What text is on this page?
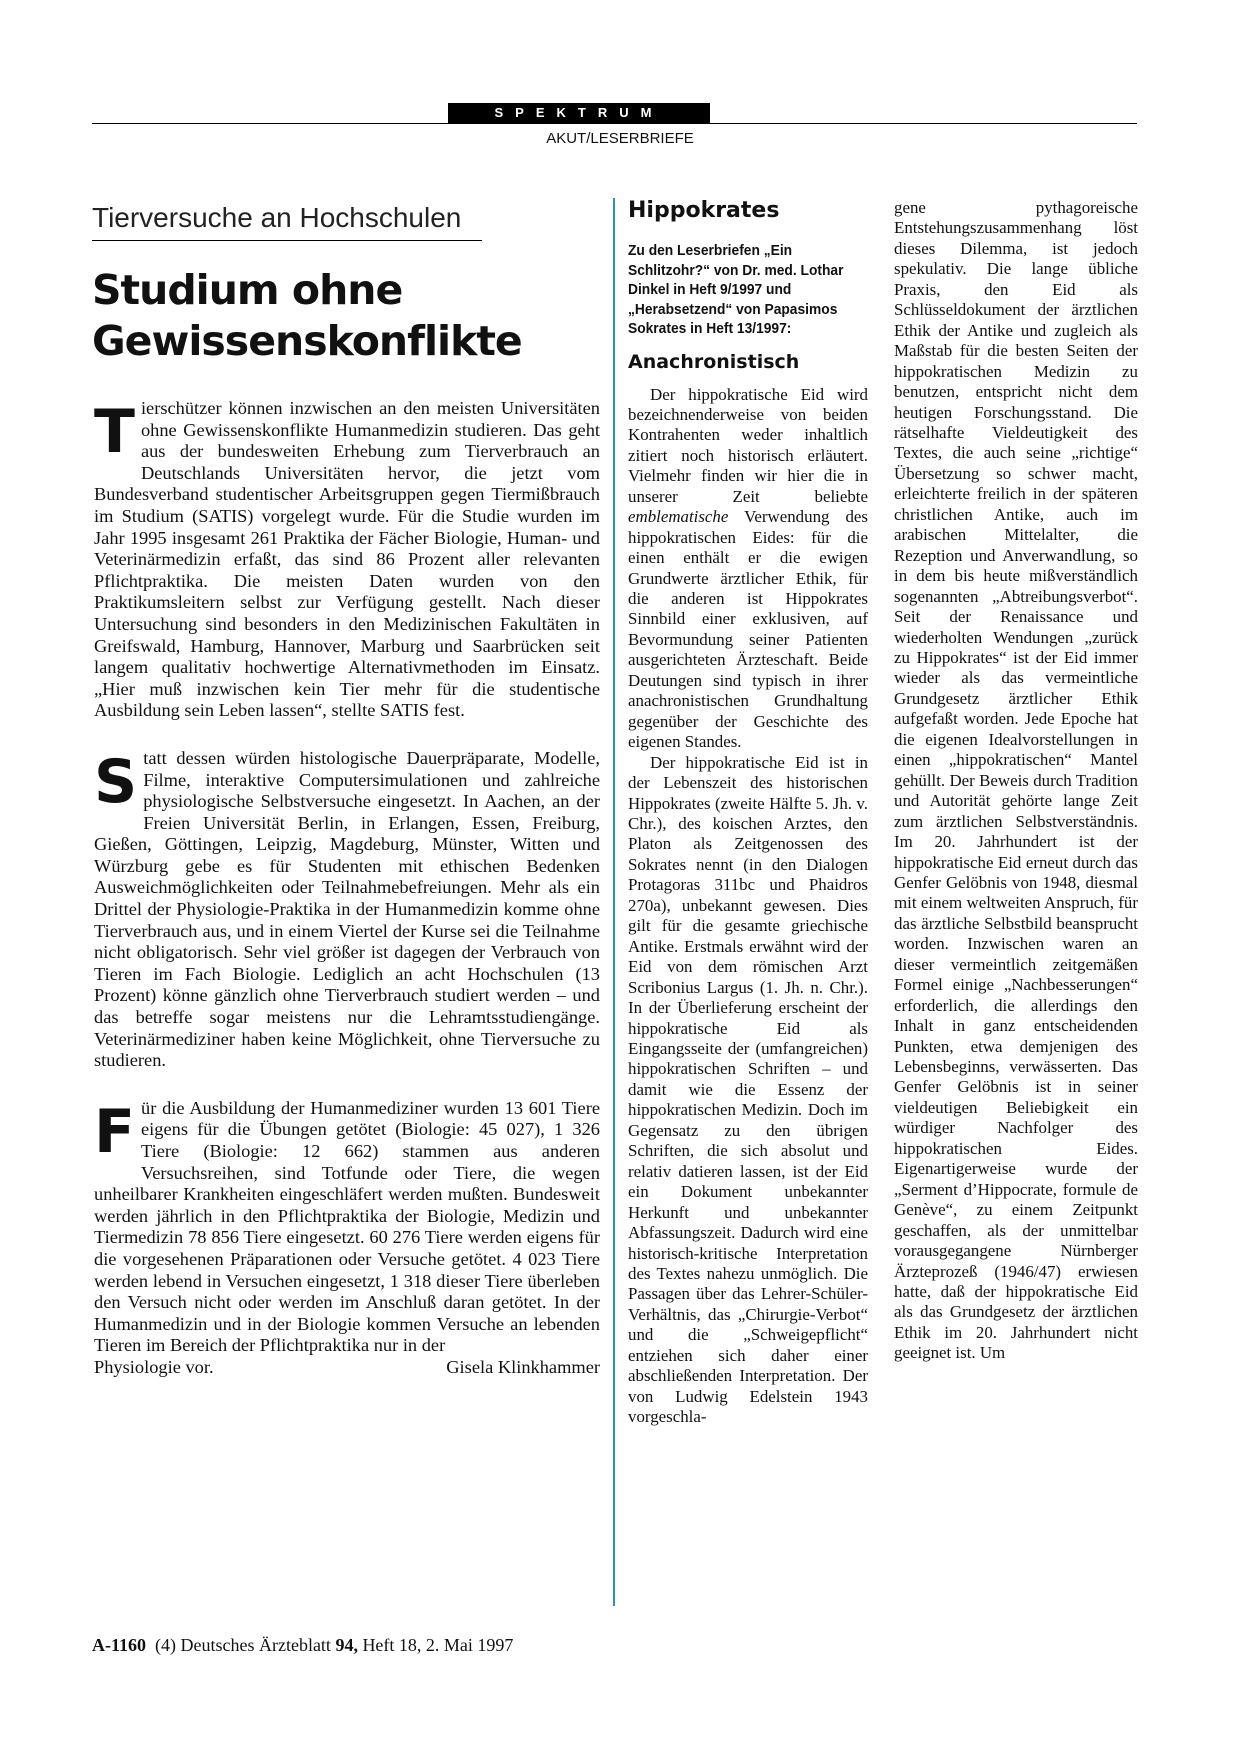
SPEKTRUM
AKUT/LESERBRIEFE
Tierversuche an Hochschulen
Studium ohne
Gewissenskonflikte

Tierschützer können inzwischen an den meisten Universitäten ohne Gewissenskonflikte Humanmedizin studieren. Das geht aus der bundesweiten Erhebung zum Tierverbrauch an Deutschlands Universitäten hervor, die jetzt vom Bundesverband studentischer Arbeitsgruppen gegen Tiermißbrauch im Studium (SATIS) vorgelegt wurde. Für die Studie wurden im Jahr 1995 insgesamt 261 Praktika der Fächer Biologie, Human- und Veterinärmedizin erfaßt, das sind 86 Prozent aller relevanten Pflichtpraktika. Die meisten Daten wurden von den Praktikumsleitern selbst zur Verfügung gestellt. Nach dieser Untersuchung sind besonders in den Medizinischen Fakultäten in Greifswald, Hamburg, Hannover, Marburg und Saarbrücken seit langem qualitativ hochwertige Alternativmethoden im Einsatz. „Hier muß inzwischen kein Tier mehr für die studentische Ausbildung sein Leben lassen“, stellte SATIS fest.

Statt dessen würden histologische Dauerpräparate, Modelle, Filme, interaktive Computersimulationen und zahlreiche physiologische Selbstversuche eingesetzt. In Aachen, an der Freien Universität Berlin, in Erlangen, Essen, Freiburg, Gießen, Göttingen, Leipzig, Magdeburg, Münster, Witten und Würzburg gebe es für Studenten mit ethischen Bedenken Ausweichmöglichkeiten oder Teilnahmebefreiungen. Mehr als ein Drittel der Physiologie-Praktika in der Humanmedizin komme ohne Tierverbrauch aus, und in einem Viertel der Kurse sei die Teilnahme nicht obligatorisch. Sehr viel größer ist dagegen der Verbrauch von Tieren im Fach Biologie. Lediglich an acht Hochschulen (13 Prozent) könne gänzlich ohne Tierverbrauch studiert werden – und das betreffe sogar meistens nur die Lehramtsstudiengänge. Veterinärmediziner haben keine Möglichkeit, ohne Tierversuche zu studieren.

Für die Ausbildung der Humanmediziner wurden 13 601 Tiere eigens für die Übungen getötet (Biologie: 45 027), 1 326 Tiere (Biologie: 12 662) stammen aus anderen Versuchsreihen, sind Totfunde oder Tiere, die wegen unheilbarer Krankheiten eingeschläfert werden mußten. Bundesweit werden jährlich in den Pflichtpraktika der Biologie, Medizin und Tiermedizin 78 856 Tiere eingesetzt. 60 276 Tiere werden eigens für die vorgesehenen Präparationen oder Versuche getötet. 4 023 Tiere werden lebend in Versuchen eingesetzt, 1 318 dieser Tiere überleben den Versuch nicht oder werden im Anschluß daran getötet. In der Humanmedizin und in der Biologie kommen Versuche an lebenden Tieren im Bereich der Pflichtpraktika nur in der

Physiologie vor.	Gisela Klinkhammer
Hippokrates
Zu den Leserbriefen „Ein Schlitzohr?“ von Dr. med. Lothar Dinkel in Heft 9/1997 und „Herabsetzend“ von Papasimos Sokrates in Heft 13/1997:
Anachronistisch

Der hippokratische Eid wird bezeichnenderweise von beiden Kontrahenten weder inhaltlich zitiert noch historisch erläutert. Vielmehr finden wir hier die in unserer Zeit beliebte emblematische Verwendung des hippokratischen Eides: für die einen enthält er die ewigen Grundwerte ärztlicher Ethik, für die anderen ist Hippokrates Sinnbild einer exklusiven, auf Bevormundung seiner Patienten ausgerichteten Ärzteschaft. Beide Deutungen sind typisch in ihrer anachronistischen Grundhaltung gegenüber der Geschichte des eigenen Standes.

Der hippokratische Eid ist in der Lebenszeit des historischen Hippokrates (zweite Hälfte 5. Jh. v. Chr.), des koischen Arztes, den Platon als Zeitgenossen des Sokrates nennt (in den Dialogen Protagoras 311bc und Phaidros 270a), unbekannt gewesen. Dies gilt für die gesamte griechische Antike. Erstmals erwähnt wird der Eid von dem römischen Arzt Scribonius Largus (1. Jh. n. Chr.). In der Überlieferung erscheint der hippokratische Eid als Eingangsseite der (umfangreichen) hippokratischen Schriften – und damit wie die Essenz der hippokratischen Medizin. Doch im Gegensatz zu den übrigen Schriften, die sich absolut und relativ datieren lassen, ist der Eid ein Dokument unbekannter Herkunft und unbekannter Abfassungszeit. Dadurch wird eine historisch-kritische Interpretation des Textes nahezu unmöglich. Die Passagen über das Lehrer-Schüler-Verhältnis, das „Chirurgie-Verbot“ und die „Schweigepflicht“ entziehen sich daher einer abschließenden Interpretation. Der von Ludwig Edelstein 1943 vorgeschla-

gene pythagoreische Entstehungszusammenhang löst dieses Dilemma, ist jedoch spekulativ. Die lange übliche Praxis, den Eid als Schlüsseldokument der ärztlichen Ethik der Antike und zugleich als Maßstab für die besten Seiten der hippokratischen Medizin zu benutzen, entspricht nicht dem heutigen Forschungsstand. Die rätselhafte Vieldeutigkeit des Textes, die auch seine „richtige“ Übersetzung so schwer macht, erleichterte freilich in der späteren christlichen Antike, auch im arabischen Mittelalter, die Rezeption und Anverwandlung, so in dem bis heute mißverständlich sogenannten „Abtreibungsverbot“. Seit der Renaissance und wiederholten Wendungen „zurück zu Hippokrates“ ist der Eid immer wieder als das vermeintliche Grundgesetz ärztlicher Ethik aufgefaßt worden. Jede Epoche hat die eigenen Idealvorstellungen in einen „hippokratischen“ Mantel gehüllt. Der Beweis durch Tradition und Autorität gehörte lange Zeit zum ärztlichen Selbstverständnis. Im 20. Jahrhundert ist der hippokratische Eid erneut durch das Genfer Gelöbnis von 1948, diesmal mit einem weltweiten Anspruch, für das ärztliche Selbstbild beansprucht worden. Inzwischen waren an dieser vermeintlich zeitgemäßen Formel einige „Nachbesserungen“ erforderlich, die allerdings den Inhalt in ganz entscheidenden Punkten, etwa demjenigen des Lebensbeginns, verwässerten. Das Genfer Gelöbnis ist in seiner vieldeutigen Beliebigkeit ein würdiger Nachfolger des hippokratischen Eides. Eigenartigerweise wurde der „Serment d’Hippocrate, formule de Genève“, zu einem Zeitpunkt geschaffen, als der unmittelbar vorausgegangene Nürnberger Ärzteprozeß (1946/47) erwiesen hatte, daß der hippokratische Eid als das Grundgesetz der ärztlichen Ethik im 20. Jahrhundert nicht geeignet ist. Um

A-1160 (4) Deutsches Ärzteblatt 94, Heft 18, 2. Mai 1997
